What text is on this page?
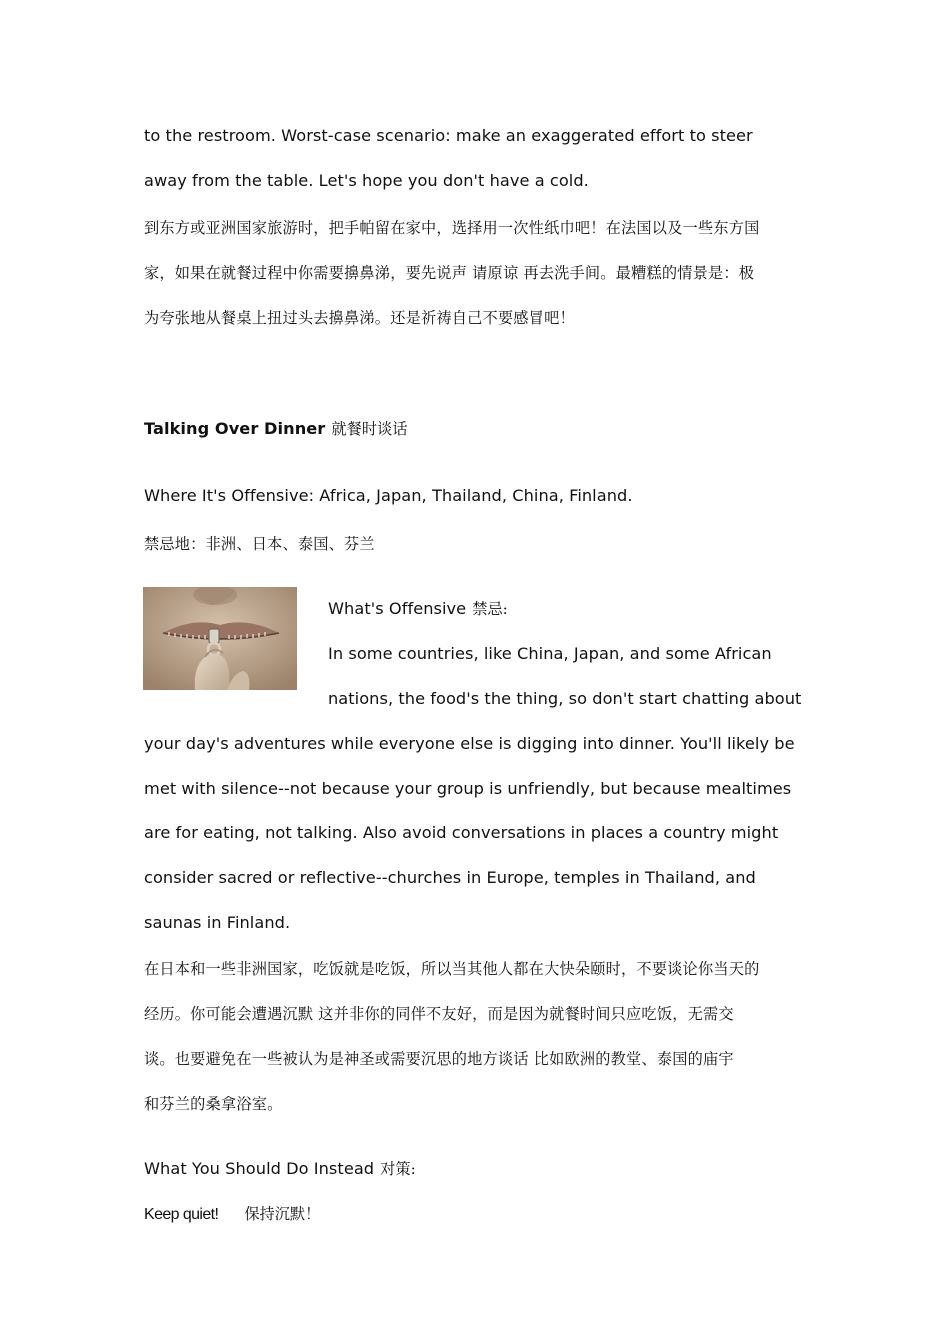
to the restroom. Worst-case scenario: make an exaggerated effort to steer
away from the table. Let's hope you don't have a cold.
到东方或亚洲国家旅游时，把手帕留在家中，选择用一次性纸巾吧！在法国以及一些东方国
家，如果在就餐过程中你需要擤鼻涕，要先说声 请原谅 再去洗手间。最糟糕的情景是：极
为夸张地从餐桌上扭过头去擤鼻涕。还是祈祷自己不要感冒吧！
Talking Over Dinner 就餐时谈话
Where It's Offensive: Africa, Japan, Thailand, China, Finland.
禁忌地：非洲、日本、泰国、芬兰
What's Offensive 禁忌:
In some countries, like China, Japan, and some African
nations, the food's the thing, so don't start chatting about
your day's adventures while everyone else is digging into dinner. You'll likely be
met with silence--not because your group is unfriendly, but because mealtimes
are for eating, not talking. Also avoid conversations in places a country might
consider sacred or reflective--churches in Europe, temples in Thailand, and
saunas in Finland.
在日本和一些非洲国家，吃饭就是吃饭，所以当其他人都在大快朵颐时，不要谈论你当天的
经历。你可能会遭遇沉默 这并非你的同伴不友好，而是因为就餐时间只应吃饭，无需交
谈。也要避免在一些被认为是神圣或需要沉思的地方谈话 比如欧洲的教堂、泰国的庙宇
和芬兰的桑拿浴室。
What You Should Do Instead 对策:
Keep quiet! 保持沉默！
